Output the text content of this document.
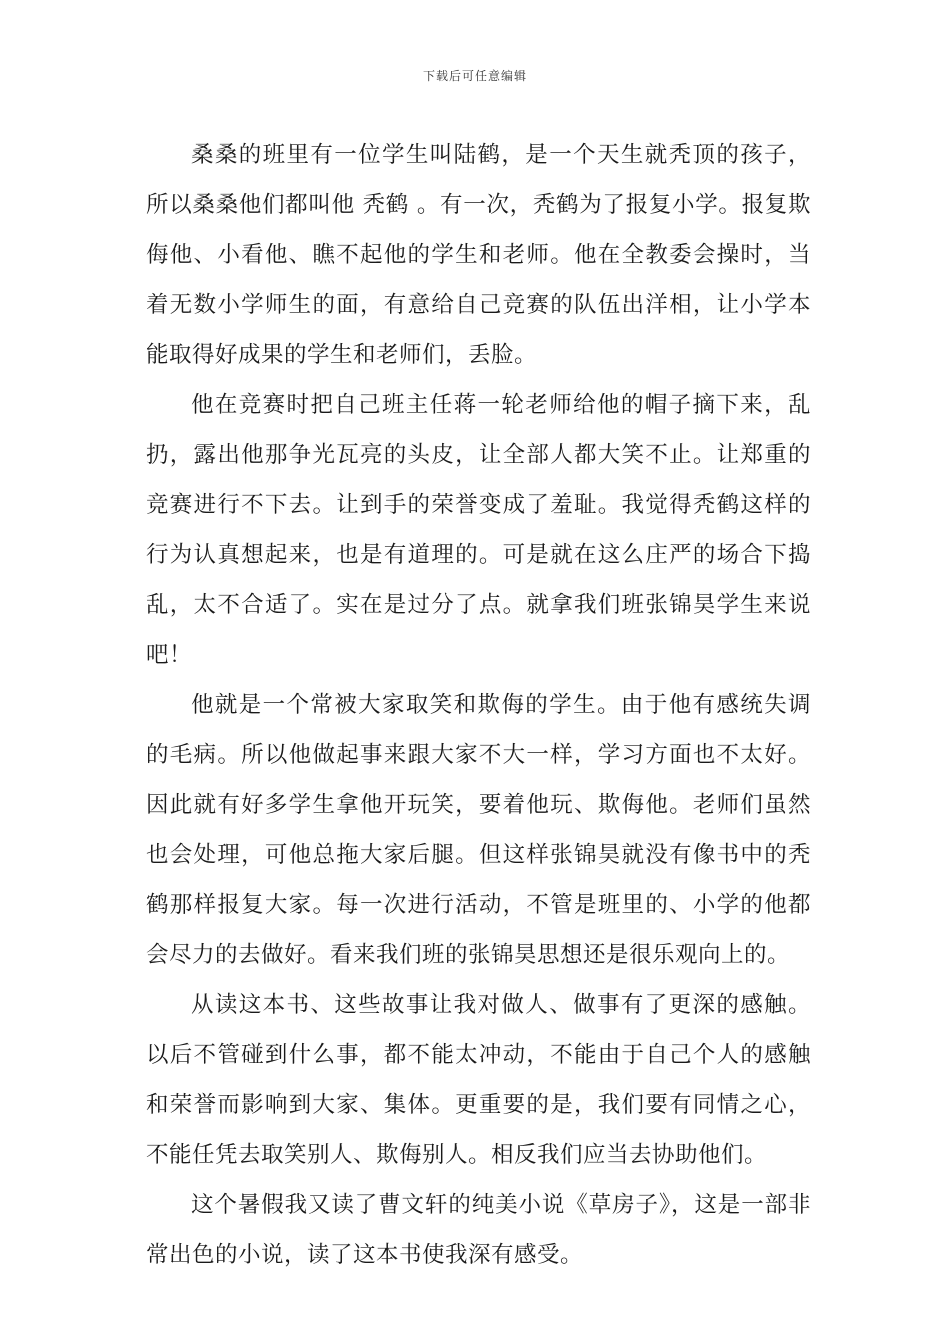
下载后可任意编辑

桑桑的班里有一位学生叫陆鹤，是一个天生就秃顶的孩子，所以桑桑他们都叫他 秃鹤 。有一次，秃鹤为了报复小学。报复欺侮他、小看他、瞧不起他的学生和老师。他在全教委会操时，当着无数小学师生的面，有意给自己竞赛的队伍出洋相，让小学本能取得好成果的学生和老师们，丢脸。

他在竞赛时把自己班主任蒋一轮老师给他的帽子摘下来，乱扔，露出他那争光瓦亮的头皮，让全部人都大笑不止。让郑重的竞赛进行不下去。让到手的荣誉变成了羞耻。我觉得秃鹤这样的行为认真想起来，也是有道理的。可是就在这么庄严的场合下捣乱，太不合适了。实在是过分了点。就拿我们班张锦昊学生来说吧！

他就是一个常被大家取笑和欺侮的学生。由于他有感统失调的毛病。所以他做起事来跟大家不大一样，学习方面也不太好。因此就有好多学生拿他开玩笑，要着他玩、欺侮他。老师们虽然也会处理，可他总拖大家后腿。但这样张锦昊就没有像书中的秃鹤那样报复大家。每一次进行活动，不管是班里的、小学的他都会尽力的去做好。看来我们班的张锦昊思想还是很乐观向上的。

从读这本书、这些故事让我对做人、做事有了更深的感触。以后不管碰到什么事，都不能太冲动，不能由于自己个人的感触和荣誉而影响到大家、集体。更重要的是，我们要有同情之心，不能任凭去取笑别人、欺侮别人。相反我们应当去协助他们。

这个暑假我又读了曹文轩的纯美小说《草房子》，这是一部非常出色的小说，读了这本书使我深有感受。
